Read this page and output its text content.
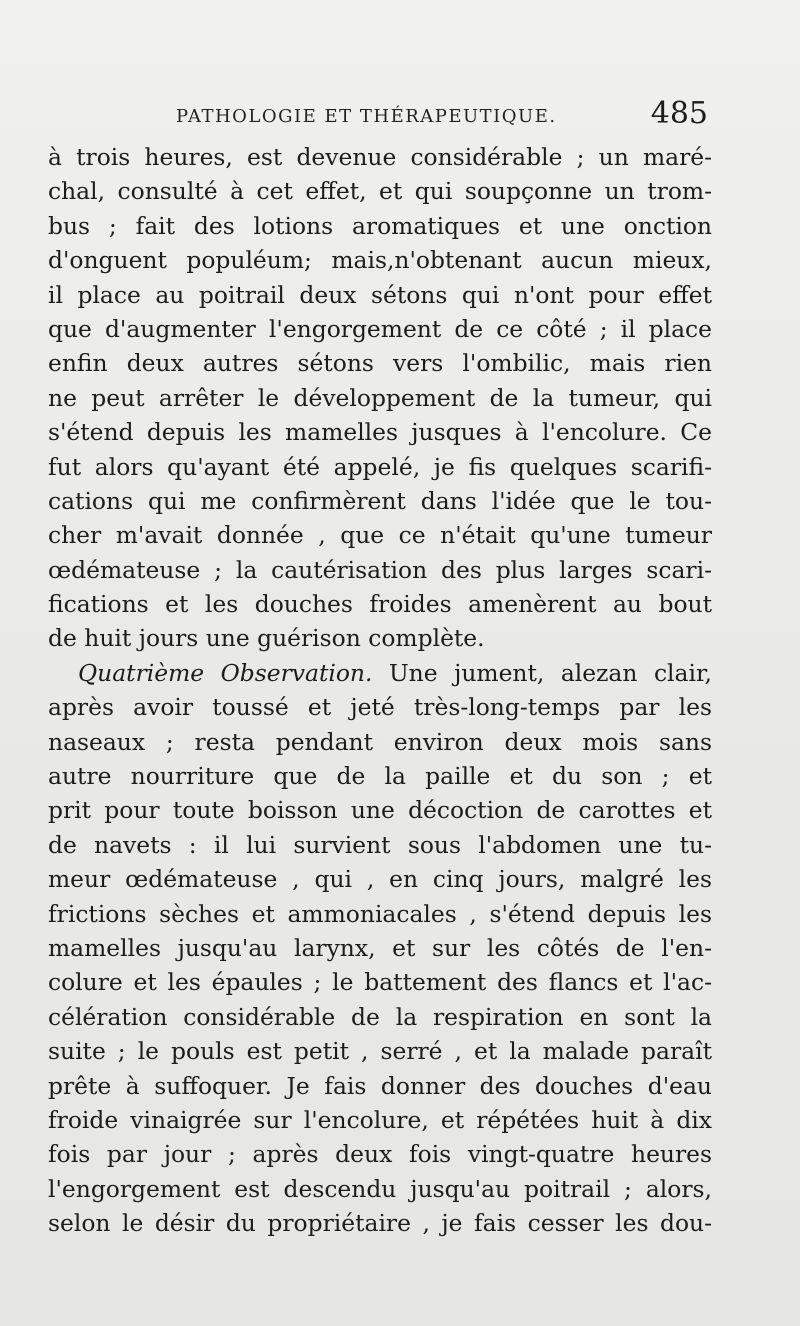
PATHOLOGIE ET THÉRAPEUTIQUE.	485
à trois heures, est devenue considérable ; un maré-
chal, consulté à cet effet, et qui soupçonne un trom-
bus ; fait des lotions aromatiques et une onction
d'onguent populéum; mais,n'obtenant aucun mieux,
il place au poitrail deux sétons qui n'ont pour effet
que d'augmenter l'engorgement de ce côté ; il place
enfin deux autres sétons vers l'ombilic, mais rien
ne peut arrêter le développement de la tumeur, qui
s'étend depuis les mamelles jusques à l'encolure. Ce
fut alors qu'ayant été appelé, je fis quelques scarifi-
cations qui me confirmèrent dans l'idée que le tou-
cher m'avait donnée , que ce n'était qu'une tumeur
œdémateuse ; la cautérisation des plus larges scari-
fications et les douches froides amenèrent au bout
de huit jours une guérison complète.
Quatrième Observation. Une jument, alezan clair,
après avoir toussé et jeté très-long-temps par les
naseaux ; resta pendant environ deux mois sans
autre nourriture que de la paille et du son ; et
prit pour toute boisson une décoction de carottes et
de navets : il lui survient sous l'abdomen une tu-
meur œdémateuse , qui , en cinq jours, malgré les
frictions sèches et ammoniacales , s'étend depuis les
mamelles jusqu'au larynx, et sur les côtés de l'en-
colure et les épaules ; le battement des flancs et l'ac-
célération considérable de la respiration en sont la
suite ; le pouls est petit , serré , et la malade paraît
prête à suffoquer. Je fais donner des douches d'eau
froide vinaigrée sur l'encolure, et répétées huit à dix
fois par jour ; après deux fois vingt-quatre heures
l'engorgement est descendu jusqu'au poitrail ; alors,
selon le désir du propriétaire , je fais cesser les dou-
